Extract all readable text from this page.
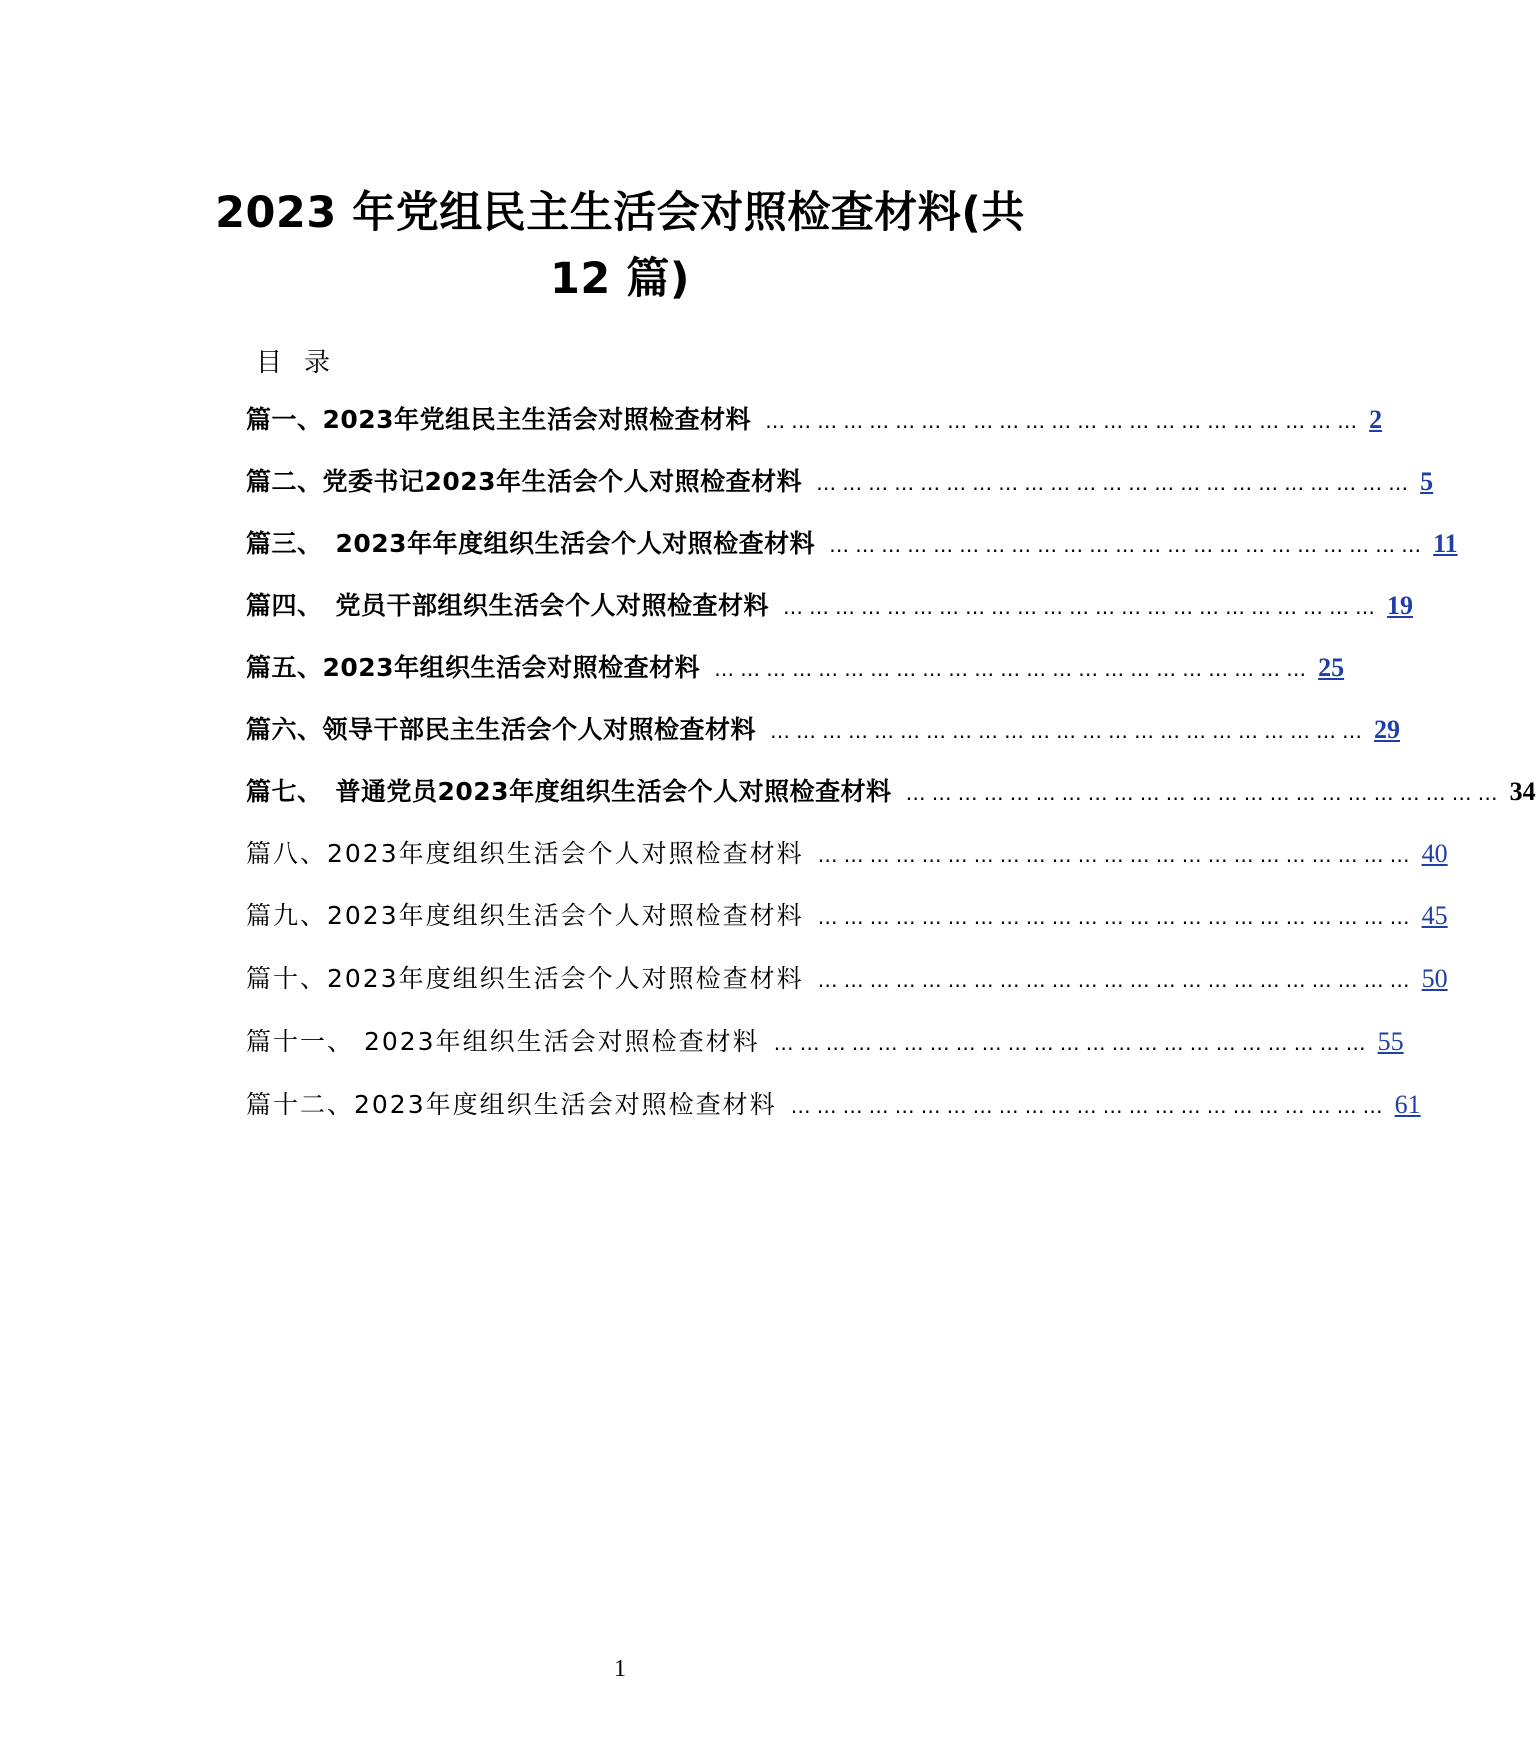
2023 年党组民主生活会对照检查材料(共
12 篇)
目录
篇一、2023年党组民主生活会对照检查材料 …………………………………………………………… 2
篇二、党委书记2023年生活会个人对照检查材料 …………………………………………………………… 5
篇三、　2023年年度组织生活会个人对照检查材料 …………………………………………………………… 11
篇四、　党员干部组织生活会个人对照检查材料 …………………………………………………………… 19
篇五、2023年组织生活会对照检查材料 …………………………………………………………… 25
篇六、领导干部民主生活会个人对照检查材料 …………………………………………………………… 29
篇七、　普通党员2023年度组织生活会个人对照检查材料 …………………………………………………………… 34
篇八、2023年度组织生活会个人对照检查材料 …………………………………………………………… 40
篇九、2023年度组织生活会个人对照检查材料 …………………………………………………………… 45
篇十、2023年度组织生活会个人对照检查材料 …………………………………………………………… 50
篇十一、 2023年组织生活会对照检查材料 …………………………………………………………… 55
篇十二、2023年度组织生活会对照检查材料 …………………………………………………………… 61
1
